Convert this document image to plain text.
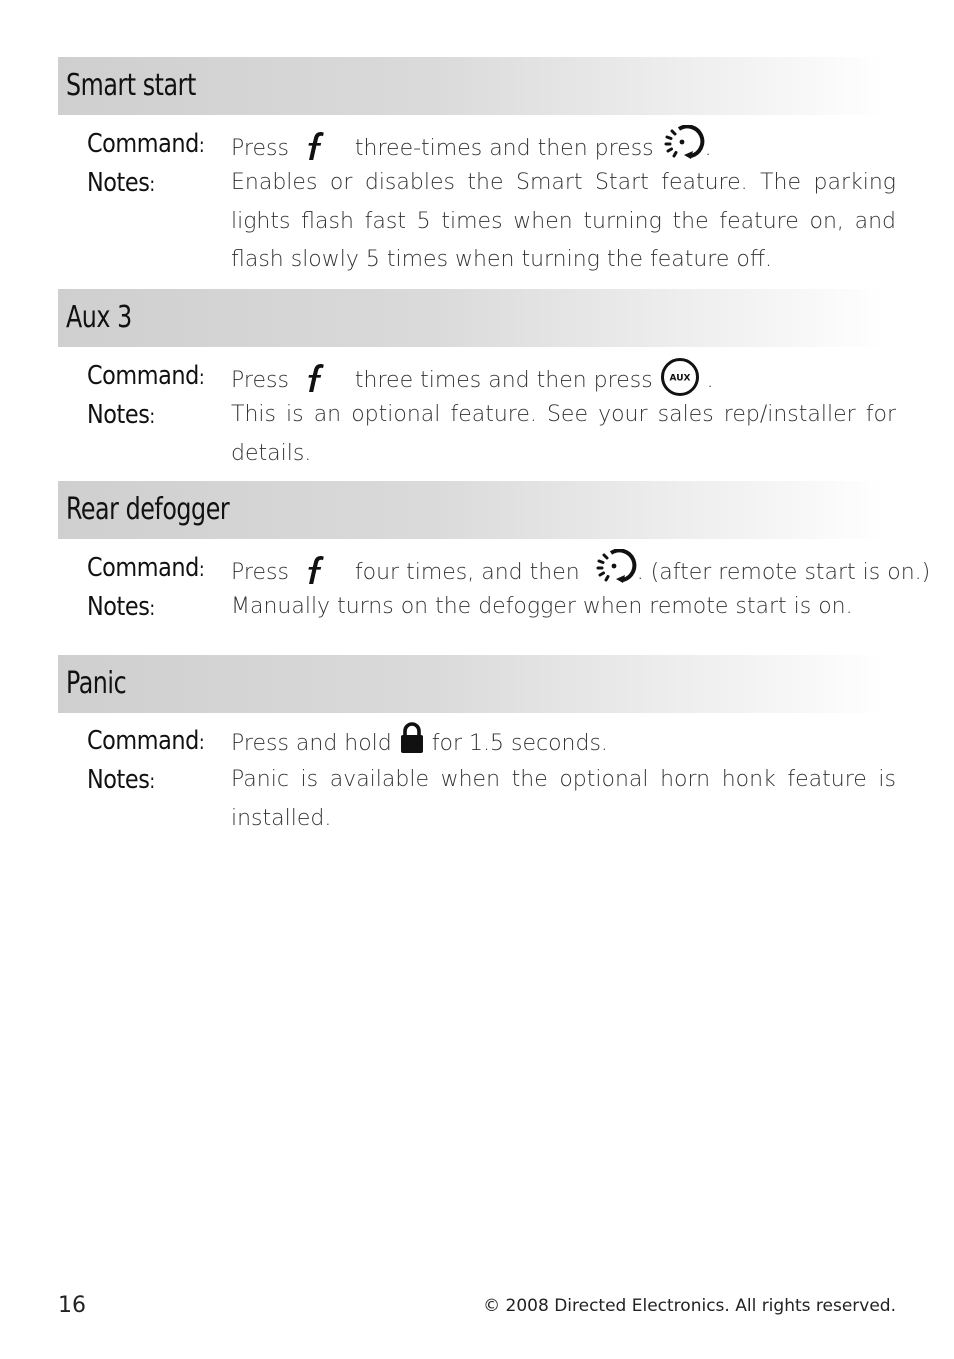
Smart start
Command: Press	three-times and then press .
Notes:	Enables or disables the Smart Start feature. The parking lights flash fast 5 times when turning the feature on, and flash slowly 5 times when turning the feature off.
Aux 3
Command: Press	three times and then press AUX .
Notes:	This is an optional feature. See your sales rep/installer for details.
Rear defogger
Command: Press	four times, and then	. (after remote start is on.)
Notes:	Manually turns on the defogger when remote start is on.
Panic
Command: Press and hold for 1.5 seconds.
Notes:	Panic is available when the optional horn honk feature is installed.
16	© 2008 Directed Electronics. All rights reserved.
